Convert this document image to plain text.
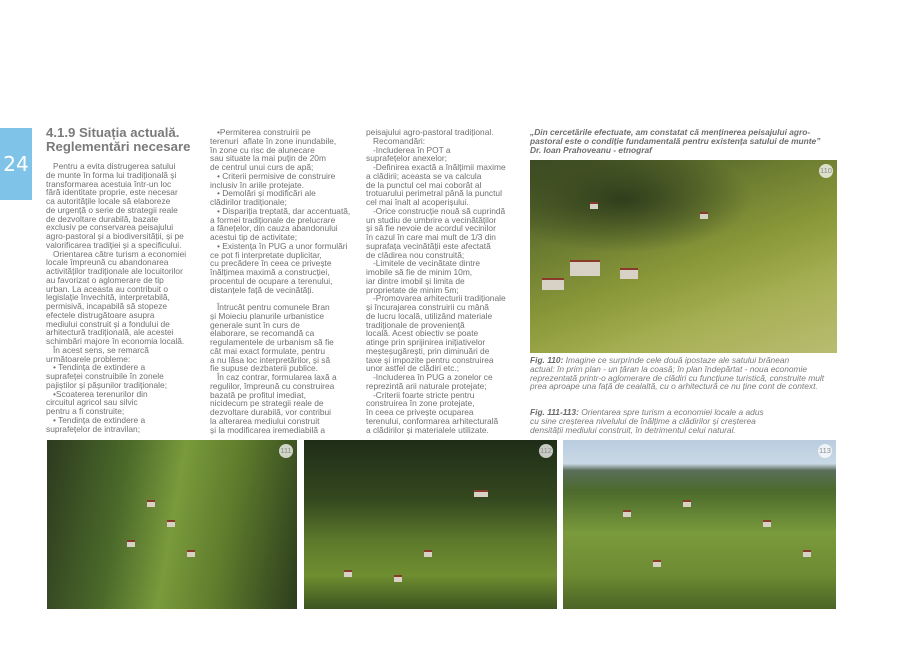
24
4.1.9 Situația actuală.
Reglementări necesare
Pentru a evita distrugerea satului
de munte în forma lui tradițională și
transformarea acestuia într-un loc
fără identitate proprie, este necesar
ca autoritățile locale să elaboreze
de urgență o serie de strategii reale
de dezvoltare durabilă, bazate
exclusiv pe conservarea peisajului
agro-pastoral și a biodiversității, și pe
valorificarea tradiției și a specificului.
Orientarea către turism a economiei
locale împreună cu abandonarea
activităților tradiționale ale locuitorilor
au favorizat o aglomerare de tip
urban. La aceasta au contribuit o
legislație învechită, interpretabilă,
permisivă, incapabilă să stopeze
efectele distrugătoare asupra
mediului construit și a fondului de
arhitectură tradițională, ale acestei
schimbări majore în economia locală.
În acest sens, se remarcă
următoarele probleme:
• Tendința de extindere a
suprafeței construibile în zonele
pajiștilor și pășunilor tradiționale;
•Scoaterea terenurilor din
circuitul agricol sau silvic
pentru a fi construite;
• Tendința de extindere a
suprafețelor de intravilan;
•Permiterea construirii pe
terenuri  aflate în zone inundabile,
în zone cu risc de alunecare
sau situate la mai puțin de 20m
de centrul unui curs de apă;
• Criterii permisive de construire
inclusiv în ariile protejate.
• Demolări și modificări ale
clădirilor tradiționale;
• Dispariția treptată, dar accentuată,
a formei tradiționale de prelucrare
a fânețelor, din cauza abandonului
acestui tip de activitate;
• Existența în PUG a unor formulări
ce pot fi interpretate duplicitar,
cu precădere în ceea ce privește
înălțimea maximă a construcției,
procentul de ocupare a terenului,
distanțele față de vecinătăți.

Întrucât pentru comunele Bran
și Moieciu planurile urbanistice
generale sunt în curs de
elaborare, se recomandă ca
regulamentele de urbanism să fie
cât mai exact formulate, pentru
a nu lăsa loc interpretărilor, și să
fie supuse dezbaterii publice.
În caz contrar, formularea laxă a
regulilor, împreună cu construirea
bazată pe profitul imediat,
nicidecum pe strategii reale de
dezvoltare durabilă, vor contribui
la alterarea mediului construit
și la modificarea iremediabilă a
peisajului agro-pastoral tradițional.
Recomandări:
-Includerea în POT a
suprafețelor anexelor;
-Definirea exactă a înălțimii maxime
a clădirii; aceasta se va calcula
de la punctul cel mai coborât al
trotuarului perimetral până la punctul
cel mai înalt al acoperișului.
-Orice construcție nouă să cuprindă
un studiu de umbrire a vecinătăților
și să fie nevoie de acordul vecinilor
în cazul în care mai mult de 1/3 din
suprafața vecinătății este afectată
de clădirea nou construită;
-Limitele de vecinătate dintre
imobile să fie de minim 10m,
iar dintre imobil și limita de
proprietate de minim 5m;
-Promovarea arhitecturii tradiționale
și încurajarea construirii cu mână
de lucru locală, utilizând materiale
tradiționale de proveniență
locală. Acest obiectiv se poate
atinge prin sprijinirea inițiativelor
meșteșugărești, prin diminuări de
taxe și impozite pentru construirea
unor astfel de clădiri etc.;
-Includerea în PUG a zonelor ce
reprezintă arii naturale protejate;
-Criterii foarte stricte pentru
construirea în zone protejate,
în ceea ce privește ocuparea
terenului, conformarea arhitecturală
a clădirilor și materialele utilizate.
„Din cercetările efectuate, am constatat că menținerea peisajului agro-
pastoral este o condiție fundamentală pentru existența satului de munte”
Dr. Ioan Prahoveanu - etnograf
110
Fig. 110: Imagine ce surprinde cele două ipostaze ale satului brănean
actual: în prim plan - un țăran la coasă; în plan îndepărtat - noua economie
reprezentată printr-o aglomerare de clădiri cu funcțiune turistică, construite mult
prea aproape una față de cealaltă, cu o arhitectură ce nu ține cont de context.
Fig. 111-113: Orientarea spre turism a economiei locale a adus
cu sine creșterea nivelului de înălțime a clădirilor și creșterea
densității mediului construit, în detrimentul celui natural.
111	112	113
